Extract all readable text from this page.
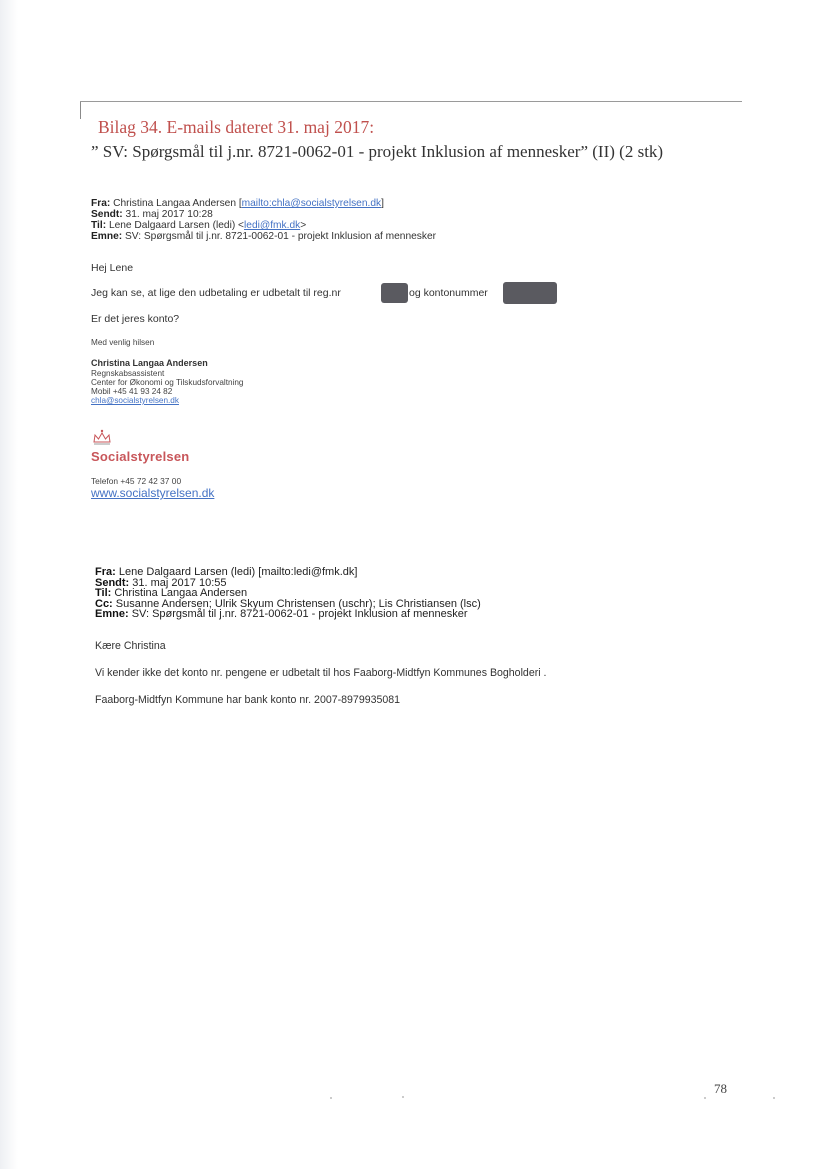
Bilag 34. E-mails dateret 31. maj 2017:
” SV: Spørgsmål til j.nr. 8721-0062-01 - projekt Inklusion af mennesker” (II) (2 stk)
Fra: Christina Langaa Andersen [mailto:chla@socialstyrelsen.dk]
Sendt: 31. maj 2017 10:28
Til: Lene Dalgaard Larsen (ledi) <ledi@fmk.dk>
Emne: SV: Spørgsmål til j.nr. 8721-0062-01 - projekt Inklusion af mennesker
Hej Lene
Jeg kan se, at lige den udbetaling er udbetalt til reg.nr	og kontonummer
Er det jeres konto?
Med venlig hilsen
Christina Langaa Andersen
Regnskabsassistent
Center for Økonomi og Tilskudsforvaltning
Mobil +45 41 93 24 82
chla@socialstyrelsen.dk
Socialstyrelsen
Telefon +45 72 42 37 00
www.socialstyrelsen.dk
Fra: Lene Dalgaard Larsen (ledi) [mailto:ledi@fmk.dk]
Sendt: 31. maj 2017 10:55
Til: Christina Langaa Andersen
Cc: Susanne Andersen; Ulrik Skyum Christensen (uschr); Lis Christiansen (lsc)
Emne: SV: Spørgsmål til j.nr. 8721-0062-01 - projekt Inklusion af mennesker
Kære Christina
Vi kender ikke det konto nr. pengene er udbetalt til hos Faaborg-Midtfyn Kommunes Bogholderi .
Faaborg-Midtfyn Kommune har bank konto nr. 2007-8979935081
78
